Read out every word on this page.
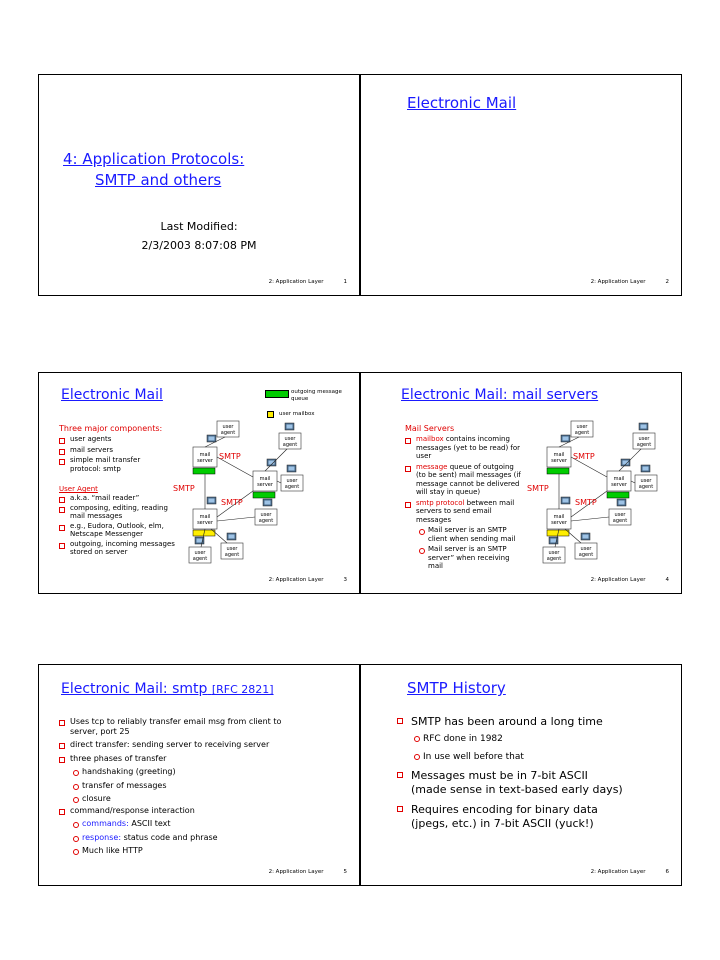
4: Application Protocols:
SMTP and others
Last Modified:
2/3/2003 8:07:08 PM
2: Application Layer	1
Electronic Mail
2: Application Layer	2
Electronic Mail	outgoing message queue
user mailbox
Three major components:
user agents
mail servers
simple mail transfer protocol: smtp
User Agent
a.k.a. “mail reader”
composing, editing, reading mail messages
e.g., Eudora, Outlook, elm, Netscape Messenger
outgoing, incoming messages stored on server
mail
server
user
agent
mail
server
mail
server
user
agent
user
agent
user
agent
user
agent
user
agent
SMTP
SMTP
SMTP
2: Application Layer	3
Electronic Mail: mail servers
Mail Servers
mailbox contains incoming messages (yet to be read) for user
message queue of outgoing (to be sent) mail messages (if message cannot be delivered will stay in queue)
smtp protocol between mail servers to send email messages
Mail server is an SMTP client when sending mail
Mail server is an SMTP server” when receiving mail
mail
server
user
agent
mail
server
mail
server
user
agent
user
agent
user
agent
user
agent
user
agent
SMTP
SMTP
SMTP
2: Application Layer	4
Electronic Mail: smtp [RFC 2821]
Uses tcp to reliably transfer email msg from client to server, port 25
direct transfer: sending server to receiving server
three phases of transfer
handshaking (greeting)
transfer of messages
closure
command/response interaction
commands: ASCII text
response: status code and phrase
Much like HTTP
2: Application Layer	5
SMTP History
SMTP has been around a long time
RFC done in 1982
In use well before that
Messages must be in 7-bit ASCII
(made sense in text-based early days)
Requires encoding for binary data
(jpegs, etc.) in 7-bit ASCII (yuck!)
2: Application Layer	6
